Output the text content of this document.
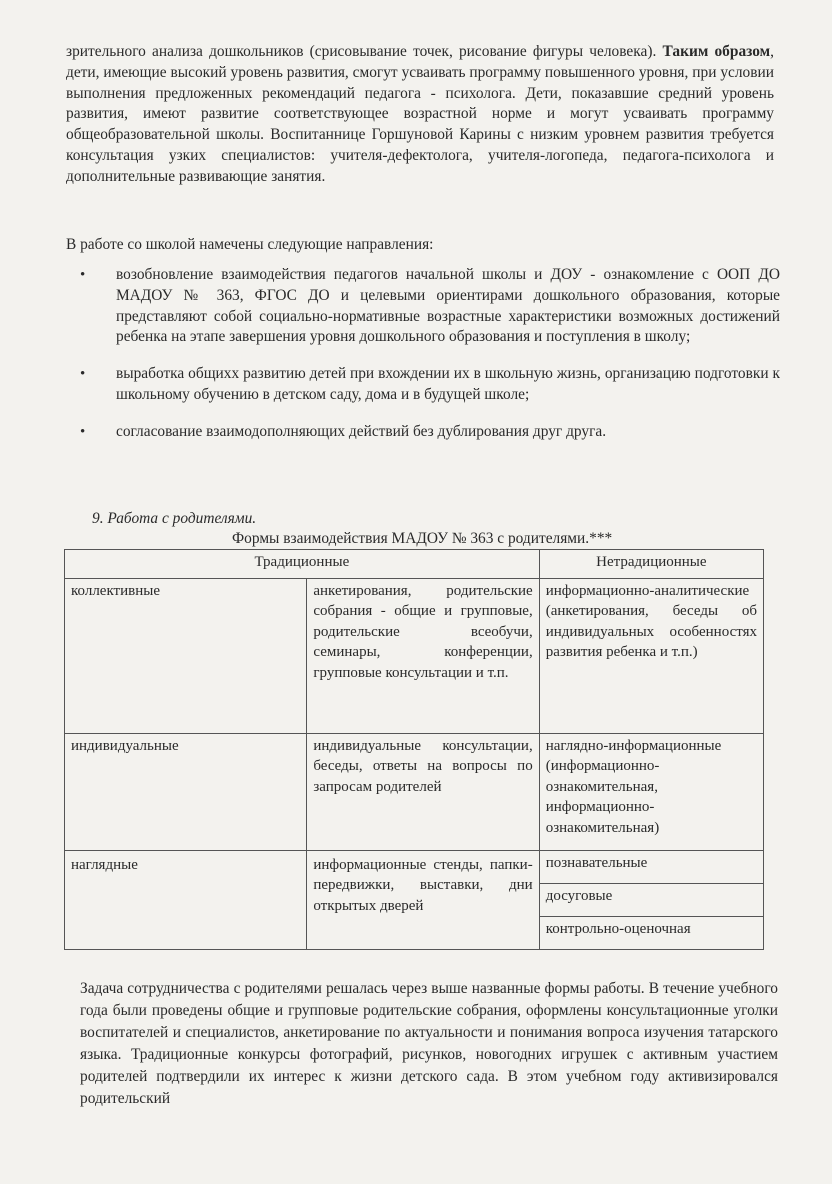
зрительного анализа дошкольников (срисовывание точек, рисование фигуры человека). Таким образом, дети, имеющие высокий уровень развития, смогут усваивать программу повышенного уровня, при условии выполнения предложенных рекомендаций педагога - психолога. Дети, показавшие средний уровень развития, имеют развитие соответствующее возрастной норме и могут усваивать программу общеобразовательной школы. Воспитаннице Горшуновой Карины с низким уровнем развития требуется консультация узких специалистов: учителя-дефектолога, учителя-логопеда, педагога-психолога и дополнительные развивающие занятия.
В работе со школой намечены следующие направления:
• возобновление взаимодействия педагогов начальной школы и ДОУ - ознакомление с ООП ДО МАДОУ № 363, ФГОС ДО и целевыми ориентирами дошкольного образования, которые представляют собой социально-нормативные возрастные характеристики возможных достижений ребенка на этапе завершения уровня дошкольного образования и поступления в школу;
• выработка общихх развитию детей при вхождении их в школьную жизнь, организацию подготовки к школьному обучению в детском саду, дома и в будущей школе;
• согласование взаимодополняющих действий без дублирования друг друга.
9. Работа с родителями.
Формы взаимодействия МАДОУ № 363 с родителями.***
Традиционные		Нетрадиционные
коллективные	анкетирования, родительские собрания - общие и групповые, родительские всеобучи, семинары, конференции, групповые консультации и т.п.	информационно-аналитические (анкетирования, беседы об индивидуальных особенностях развития ребенка и т.п.)
индивидуальные	индивидуальные консультации, беседы, ответы на вопросы по запросам родителей	наглядно-информационные (информационно-ознакомительная, информационно-ознакомительная)
наглядные	информационные стенды, папки-передвижки, выставки, дни открытых дверей	познавательные
		досуговые
		контрольно-оценочная
Задача сотрудничества с родителями решалась через выше названные формы работы. В течение учебного года были проведены общие и групповые родительские собрания, оформлены консультационные уголки воспитателей и специалистов, анкетирование по актуальности и понимания вопроса изучения татарского языка. Традиционные конкурсы фотографий, рисунков, новогодних игрушек с активным участием родителей подтвердили их интерес к жизни детского сада. В этом учебном году активизировался родительский
